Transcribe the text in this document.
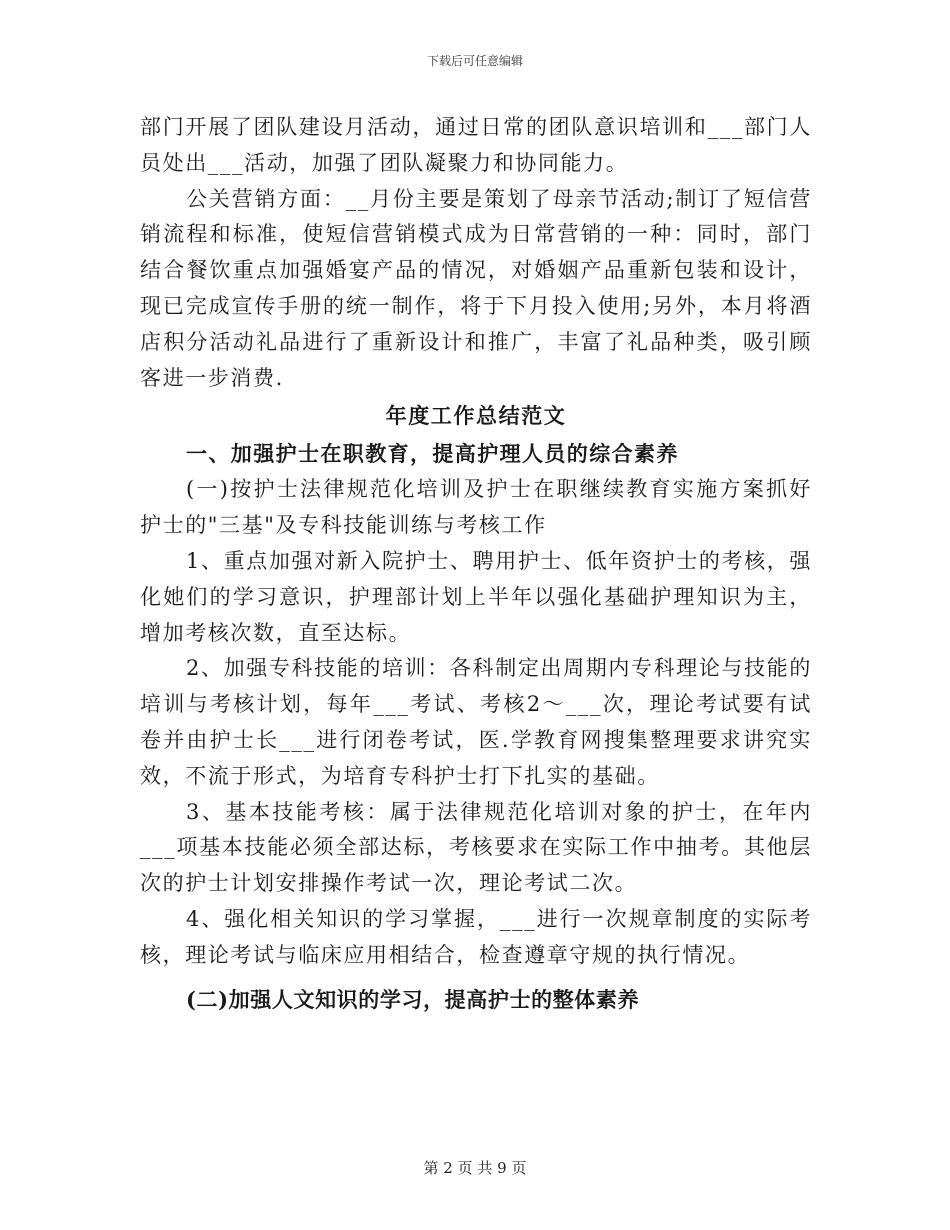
下载后可任意编辑

部门开展了团队建设月活动，通过日常的团队意识培训和___部门人员处出___活动，加强了团队凝聚力和协同能力。

公关营销方面：__月份主要是策划了母亲节活动;制订了短信营销流程和标准，使短信营销模式成为日常营销的一种：同时，部门结合餐饮重点加强婚宴产品的情况，对婚姻产品重新包装和设计，现已完成宣传手册的统一制作，将于下月投入使用;另外，本月将酒店积分活动礼品进行了重新设计和推广，丰富了礼品种类，吸引顾客进一步消费.

年度工作总结范文

一、加强护士在职教育，提高护理人员的综合素养

(一)按护士法律规范化培训及护士在职继续教育实施方案抓好护士的"三基"及专科技能训练与考核工作

1、重点加强对新入院护士、聘用护士、低年资护士的考核，强化她们的学习意识，护理部计划上半年以强化基础护理知识为主，增加考核次数，直至达标。

2、加强专科技能的培训：各科制定出周期内专科理论与技能的培训与考核计划，每年___考试、考核2～___次，理论考试要有试卷并由护士长___进行闭卷考试，医.学教育网搜集整理要求讲究实效，不流于形式，为培育专科护士打下扎实的基础。

3、基本技能考核：属于法律规范化培训对象的护士，在年内___项基本技能必须全部达标，考核要求在实际工作中抽考。其他层次的护士计划安排操作考试一次，理论考试二次。

4、强化相关知识的学习掌握，___进行一次规章制度的实际考核，理论考试与临床应用相结合，检查遵章守规的执行情况。

(二)加强人文知识的学习，提高护士的整体素养

第 2 页 共 9 页
